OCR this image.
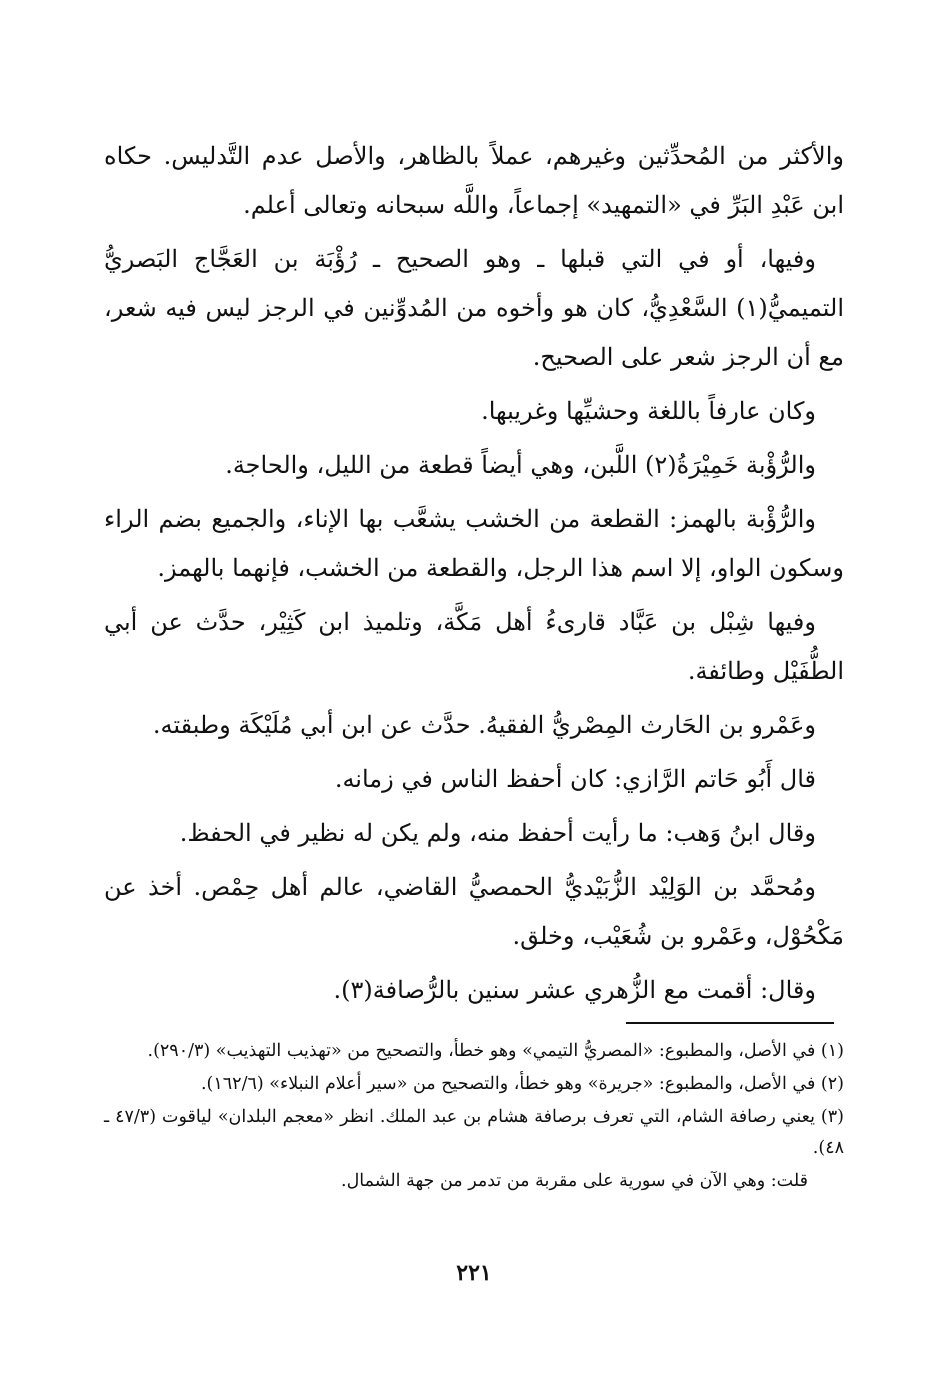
والأكثر من المُحدِّثين وغيرهم، عملاً بالظاهر، والأصل عدم التَّدليس. حكاه ابن عَبْدِ البَرِّ في «التمهيد» إجماعاً، واللَّه سبحانه وتعالى أعلم.

وفيها، أو في التي قبلها ـ وهو الصحيح ـ رُؤْبَة بن العَجَّاج البَصريُّ التميميُّ(١) السَّعْدِيُّ، كان هو وأخوه من المُدوِّنين في الرجز ليس فيه شعر، مع أن الرجز شعر على الصحيح.

وكان عارفاً باللغة وحشيِّها وغريبها.

والرُّؤْبة خَمِيْرَةُ(٢) اللَّبن، وهي أيضاً قطعة من الليل، والحاجة.

والرُّؤْبة بالهمز: القطعة من الخشب يشعَّب بها الإناء، والجميع بضم الراء وسكون الواو، إلا اسم هذا الرجل، والقطعة من الخشب، فإنهما بالهمز.

وفيها شِبْل بن عَبَّاد قارىءُ أهل مَكَّة، وتلميذ ابن كَثِيْر، حدَّث عن أبي الطُّفَيْل وطائفة.

وعَمْرو بن الحَارث المِصْريُّ الفقيهُ. حدَّث عن ابن أبي مُلَيْكَة وطبقته.

قال أَبُو حَاتم الرَّازي: كان أحفظ الناس في زمانه.

وقال ابنُ وَهب: ما رأيت أحفظ منه، ولم يكن له نظير في الحفظ.

ومُحمَّد بن الوَلِيْد الزُّبَيْديُّ الحمصيُّ القاضي، عالم أهل حِمْص. أخذ عن مَكْحُوْل، وعَمْرو بن شُعَيْب، وخلق.

وقال: أقمت مع الزُّهري عشر سنين بالرُّصافة(٣).

(١) في الأصل، والمطبوع: «المصريُّ التيمي» وهو خطأ، والتصحيح من «تهذيب التهذيب» (٢٩٠/٣).

(٢) في الأصل، والمطبوع: «جريرة» وهو خطأ، والتصحيح من «سير أعلام النبلاء» (١٦٢/٦).

(٣) يعني رصافة الشام، التي تعرف برصافة هشام بن عبد الملك. انظر «معجم البلدان» لياقوت (٤٧/٣ ـ ٤٨).

قلت: وهي الآن في سورية على مقربة من تدمر من جهة الشمال.

٢٢١
